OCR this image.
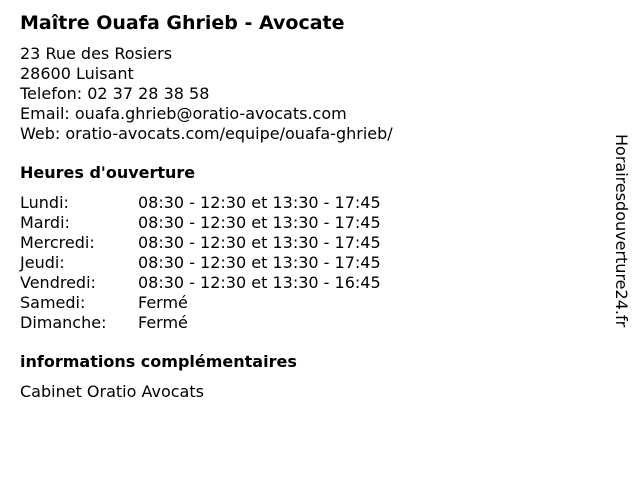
Maître Ouafa Ghrieb - Avocate
23 Rue des Rosiers
28600 Luisant
Telefon: 02 37 28 38 58
Email: ouafa.ghrieb@oratio-avocats.com
Web: oratio-avocats.com/equipe/ouafa-ghrieb/
Heures d'ouverture
Lundi:	08:30 - 12:30 et 13:30 - 17:45
Mardi:	08:30 - 12:30 et 13:30 - 17:45
Mercredi:	08:30 - 12:30 et 13:30 - 17:45
Jeudi:	08:30 - 12:30 et 13:30 - 17:45
Vendredi:	08:30 - 12:30 et 13:30 - 16:45
Samedi:	Fermé
Dimanche:	Fermé
informations complémentaires
Cabinet Oratio Avocats
Horairesdouverture24.fr
